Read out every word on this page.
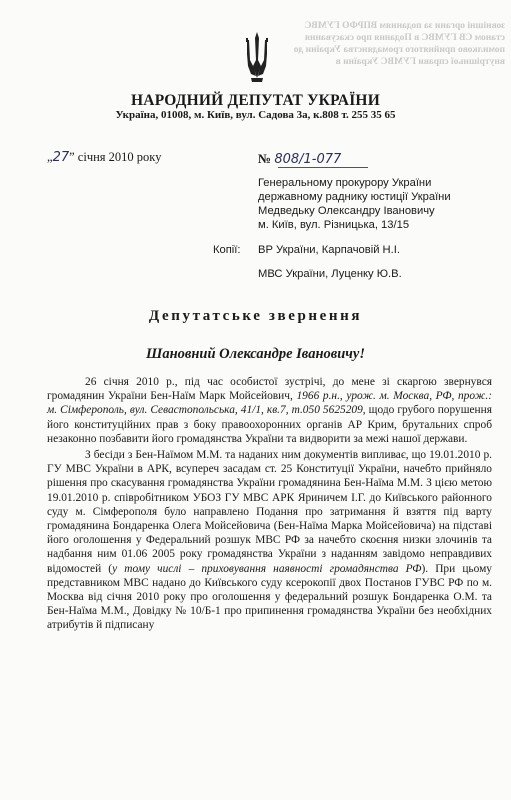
зовнішні органи за поданням ВПРФО ГУМВС
станом СВ ГУМВС в Подання про скасування
помилково прийнятого громадянства України до
внутрішньої справи ГУМВС України в
НАРОДНИЙ ДЕПУТАТ УКРАЇНИ
Україна, 01008, м. Київ, вул. Садова 3а, к.808 т. 255 35 65
„27” січня 2010 року	№ 808/1-077
Генеральному прокурору України
державному раднику юстиції України
Медведьку Олександру Івановичу
м. Київ, вул. Різницька, 13/15
Копії: ВР України, Карпачовій Н.І.
МВС України, Луценку Ю.В.
Депутатське звернення
Шановний Олександре Івановичу!

26 січня 2010 р., під час особистої зустрічі, до мене зі скаргою звернувся громадянин України Бен-Наїм Марк Мойсейович, 1966 р.н., урож. м. Москва, РФ, прож.: м. Сімферополь, вул. Севастопольська, 41/1, кв.7, т.050 5625209, щодо грубого порушення його конституційних прав з боку правоохоронних органів АР Крим, брутальних спроб незаконно позбавити його громадянства України та видворити за межі нашої держави.

З бесіди з Бен-Наїмом М.М. та наданих ним документів випливає, що 19.01.2010 р. ГУ МВС України в АРК, всупереч засадам ст. 25 Конституції України, начебто прийняло рішення про скасування громадянства України громадянина Бен-Наїма М.М. З цією метою 19.01.2010 р. співробітником УБОЗ ГУ МВС АРК Яриничем І.Г. до Київського районного суду м. Сімферополя було направлено Подання про затримання й взяття під варту громадянина Бондаренка Олега Мойсейовича (Бен-Наїма Марка Мойсейовича) на підставі його оголошення у Федеральний розшук МВС РФ за начебто скоєння низки злочинів та надбання ним 01.06 2005 року громадянства України з наданням завідомо неправдивих відомостей (у тому числі – приховування наявності громадянства РФ). При цьому представником МВС надано до Київського суду ксерокопії двох Постанов ГУВС РФ по м. Москва від січня 2010 року про оголошення у федеральний розшук Бондаренка О.М. та Бен-Наїма М.М., Довідку № 10/Б-1 про припинення громадянства України без необхідних атрибутів й підписану
